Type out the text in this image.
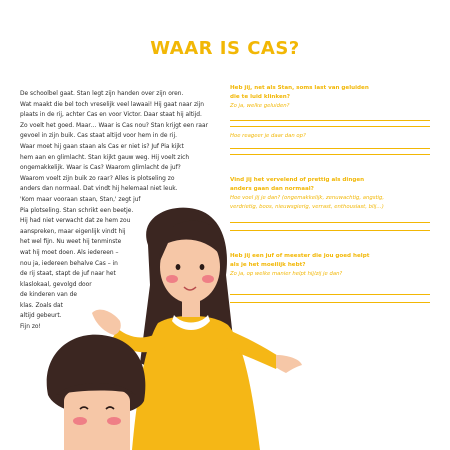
WAAR IS CAS?
De schoolbel gaat. Stan legt zijn handen over zijn oren.
Wat maakt die bel toch vreselijk veel lawaai! Hij gaat naar zijn
plaats in de rij, achter Cas en voor Victor. Daar staat hij altijd.
Zo voelt het goed. Maar… Waar is Cas nou? Stan krijgt een raar
gevoel in zijn buik. Cas staat altijd voor hem in de rij.
Waar moet hij gaan staan als Cas er niet is? Juf Pia kijkt
hem aan en glimlacht. Stan kijkt gauw weg. Hij voelt zich
ongemakkelijk. Waar is Cas? Waarom glimlacht de juf?
Waarom voelt zijn buik zo raar? Alles is plotseling zo
anders dan normaal. Dat vindt hij helemaal niet leuk.
'Kom maar vooraan staan, Stan,' zegt juf
Pia plotseling. Stan schrikt een beetje.
Hij had niet verwacht dat ze hem zou
aanspreken, maar eigenlijk vindt hij
het wel fijn. Nu weet hij tenminste
wat hij moet doen. Als iedereen –
nou ja, iedereen behalve Cas – in
de rij staat, stapt de juf naar het
klaslokaal, gevolgd door
de kinderen van de
klas. Zoals dat
altijd gebeurt.
Fijn zo!
Heb jij, net als Stan, soms last van geluiden
die te luid klinken?
Zo ja, welke geluiden?
Hoe reageer je daar dan op?
Vind jij het vervelend of prettig als dingen
anders gaan dan normaal?
Hoe voel jij je dan? (ongemakkelijk, zenuwachtig, angstig,
verdrietig, boos, nieuwsgierig, verrast, enthousiast, blij…)
Heb jij een juf of meester die jou goed helpt
als je het moeilijk hebt?
Zo ja, op welke manier helpt hij/zij je dan?
